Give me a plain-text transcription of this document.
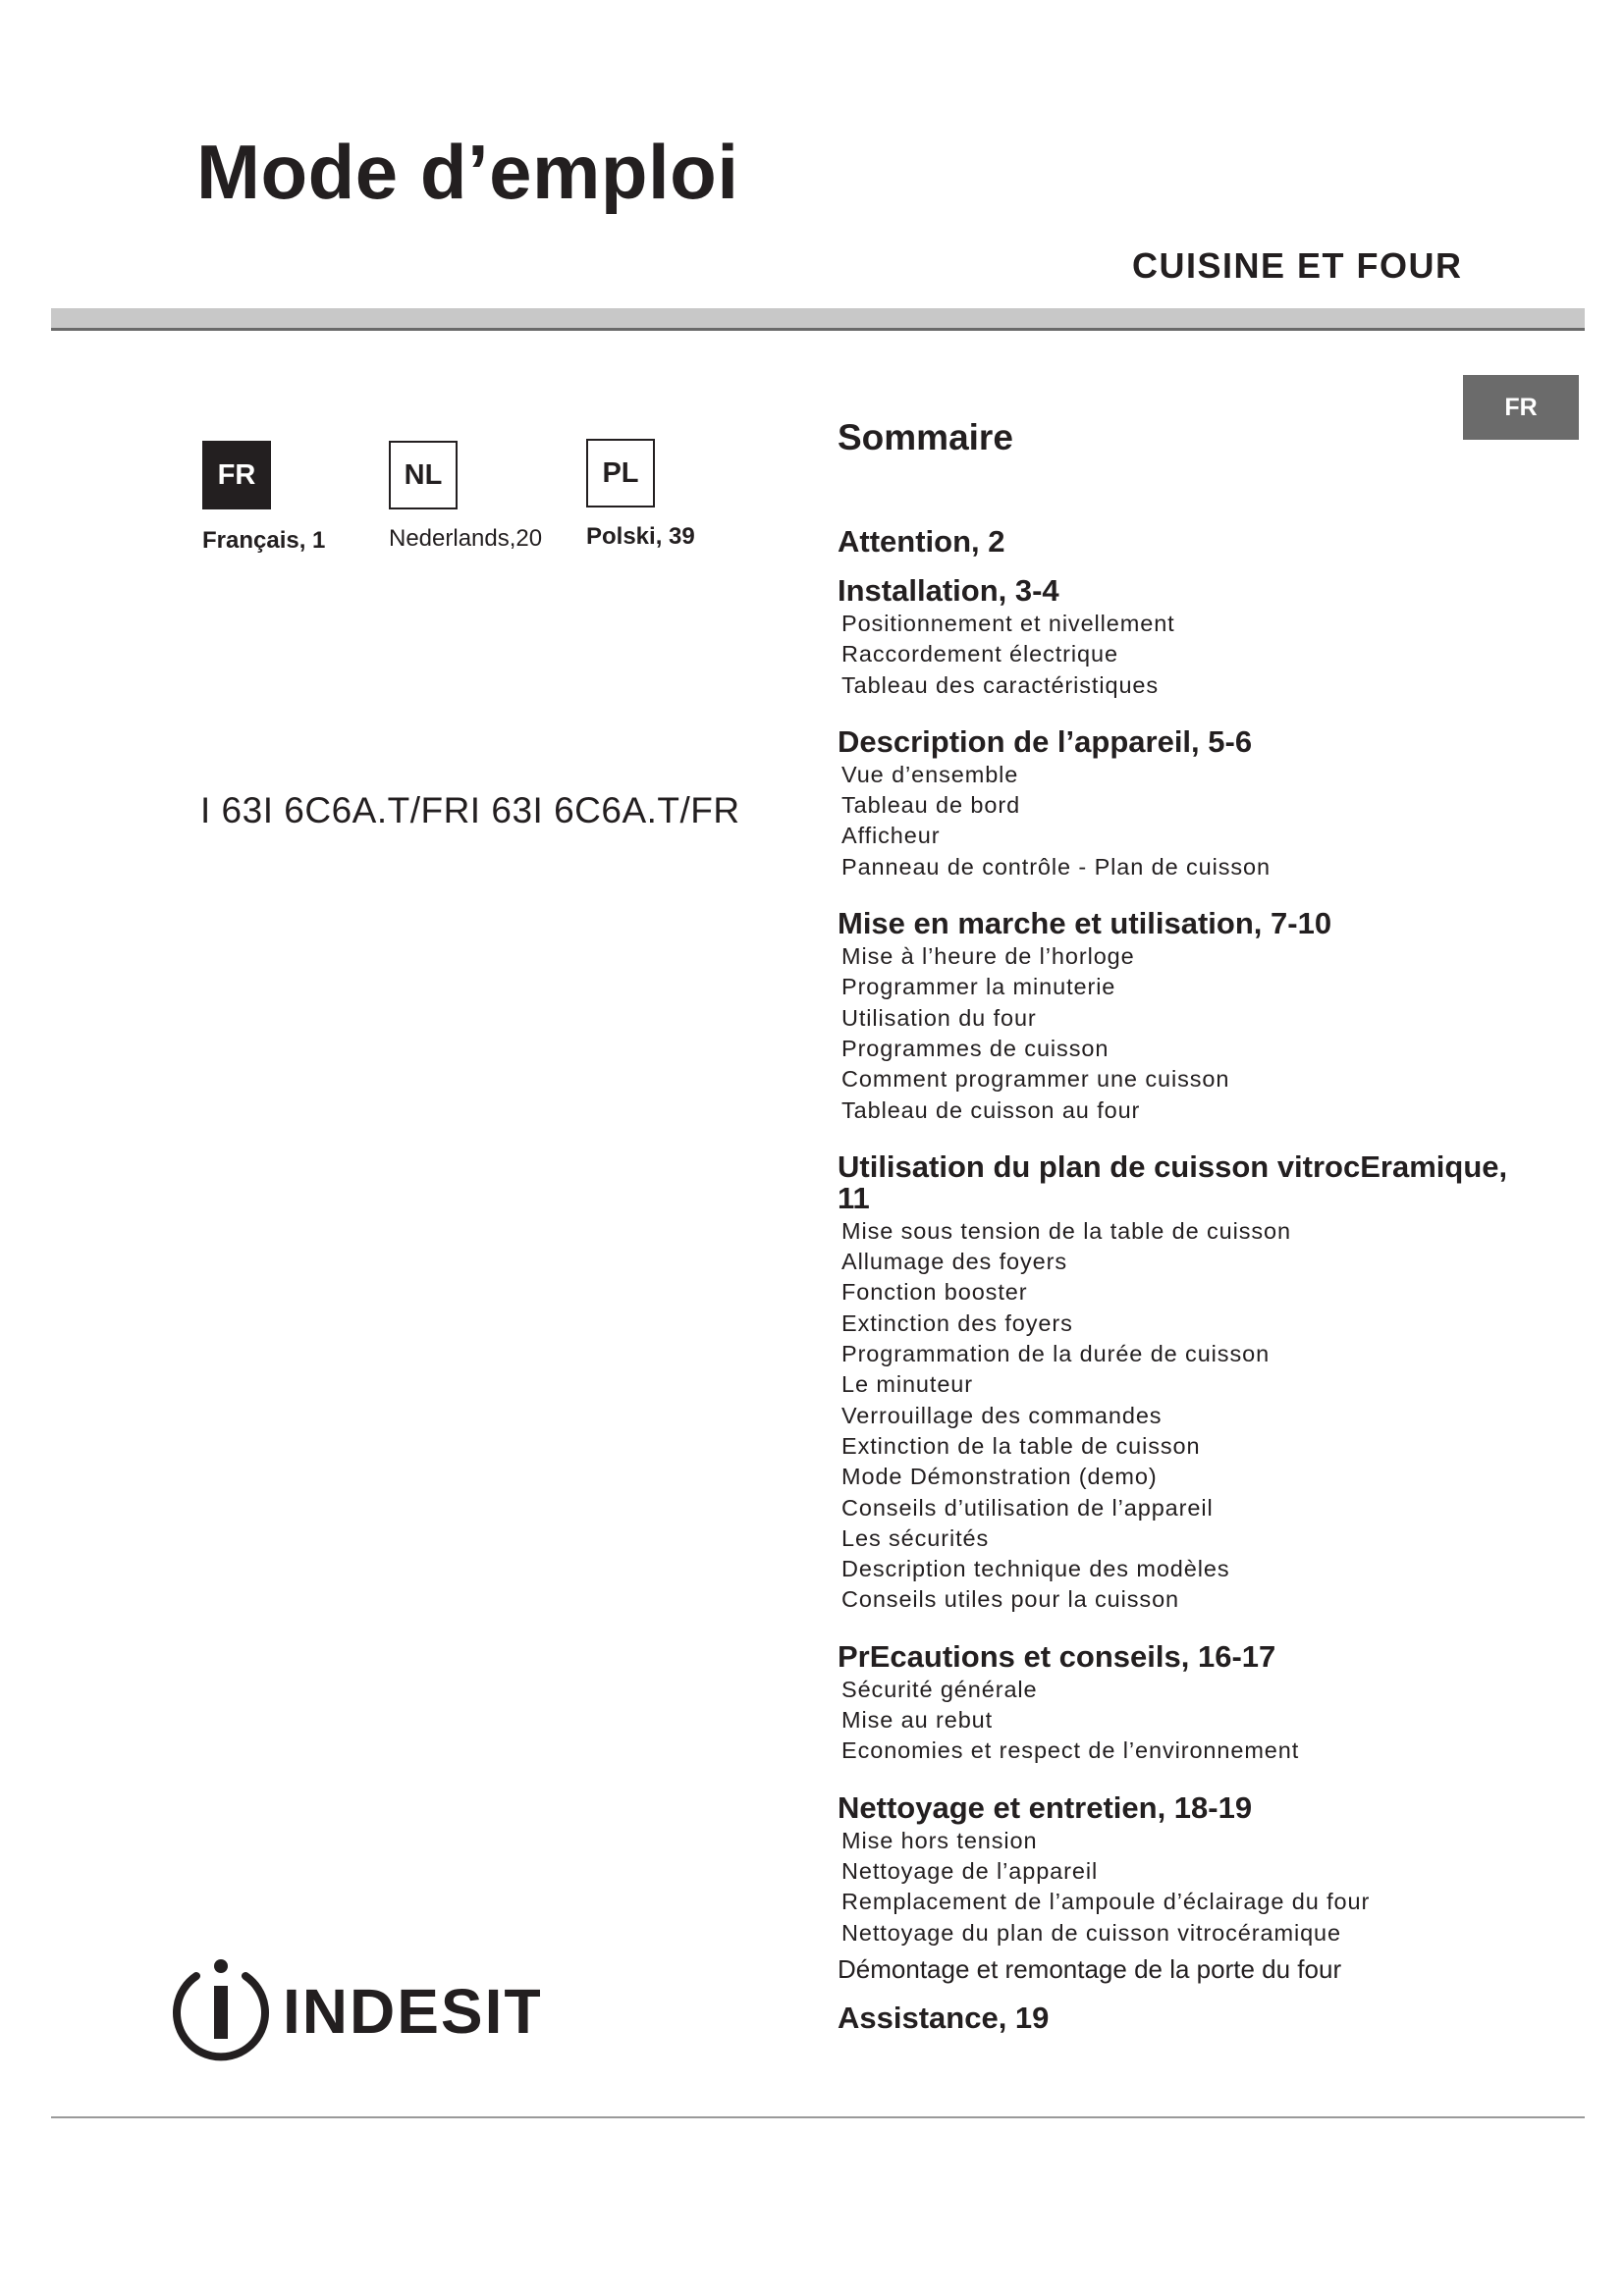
Mode d’emploi
CUISINE ET FOUR
FR
FR
Français, 1
NL
Nederlands,20
PL
Polski, 39
I 63I 6C6A.T/FRI 63I 6C6A.T/FR
Sommaire
Attention, 2
Installation, 3-4
Positionnement et nivellement
Raccordement électrique
Tableau des caractéristiques
Description de l’appareil, 5-6
Vue d’ensemble
Tableau de bord
Afficheur
Panneau de contrôle - Plan de cuisson
Mise en marche et utilisation, 7-10
Mise à l’heure de l’horloge
Programmer la minuterie
Utilisation du four
Programmes de cuisson
Comment programmer une cuisson
Tableau de cuisson au four
Utilisation du plan de cuisson vitrocEramique, 11
Mise sous tension de la table de cuisson
Allumage des foyers
Fonction booster
Extinction des foyers
Programmation de la durée de cuisson
Le minuteur
Verrouillage des commandes
Extinction de la table de cuisson
Mode Démonstration (demo)
Conseils d’utilisation de l’appareil
Les sécurités
Description technique des modèles
Conseils utiles pour la cuisson
PrEcautions et conseils, 16-17
Sécurité générale
Mise au rebut
Economies et respect de l’environnement
Nettoyage et entretien, 18-19
Mise hors tension
Nettoyage de l’appareil
Remplacement de l’ampoule d’éclairage du four
Nettoyage du plan de cuisson vitrocéramique
Démontage et remontage de la porte du four
Assistance, 19
INDESIT
